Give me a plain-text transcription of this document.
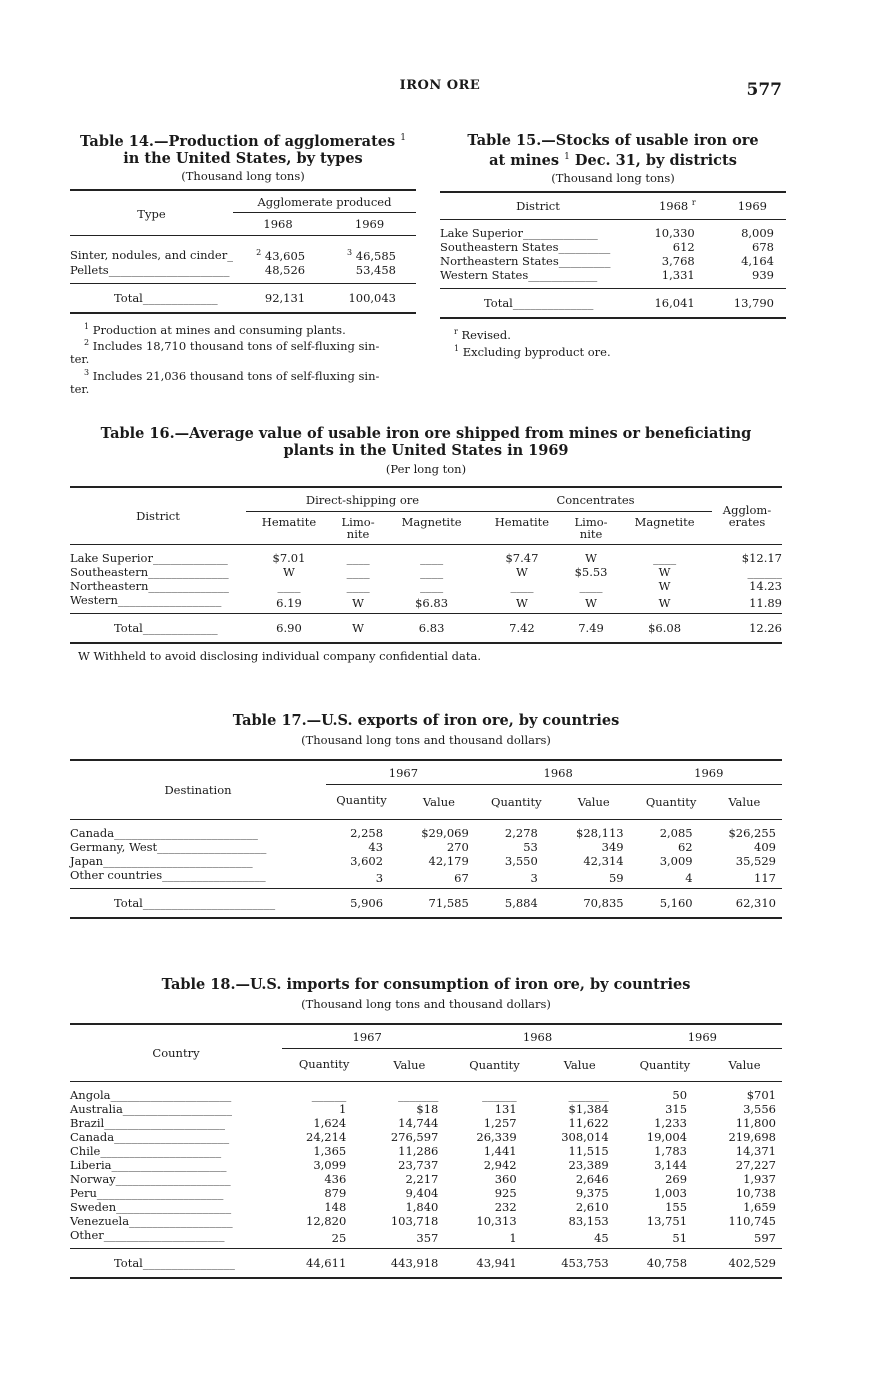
IRON ORE	577
Table 14.—Production of agglomerates $^1$
in the United States, by types
(Thousand long tons)
Type	Agglomerate produced	
	1968	1969

Sinter, nodules, and cinder_	$^2$ 43,605	$^3$ 46,585
Pellets_____________________	48,526	53,458
Total_____________	92,131	100,043
$^1$ Production at mines and consuming plants.
$^2$ Includes 18,710 thousand tons of self-fluxing sin-
ter.
$^3$ Includes 21,036 thousand tons of self-fluxing sin-
ter.
Table 15.—Stocks of usable iron ore
at mines $^1$ Dec. 31, by districts
(Thousand long tons)
District	1968 $^r$	1969

Lake Superior_____________	10,330	8,009
Southeastern States_________	612	678
Northeastern States_________	3,768	4,164
Western States____________	1,331	939
Total______________	16,041	13,790
$^r$ Revised.
$^1$ Excluding byproduct ore.
Table 16.—Average value of usable iron ore shipped from mines or beneficiating
plants in the United States in 1969
(Per long ton)
District	Direct-shipping ore			Concentrates			Agglom-
erates
	Hematite	Limo-
nite	Magnetite	Hematite	Limo-
nite	Magnetite	

Lake Superior_____________	$7.01	____	____	$7.47	W	____	$12.17
Southeastern______________	W	____	____	W	$5.53	W	______
Northeastern______________	____	____	____	____	____	W	14.23
Western__________________	6.19	W	$6.83	W	W	W	11.89
Total_____________	6.90	W	6.83	7.42	7.49	$6.08	12.26
W Withheld to avoid disclosing individual company confidential data.
Table 17.—U.S. exports of iron ore, by countries
(Thousand long tons and thousand dollars)
Destination	1967		1968		1969	
	Quantity	Value	Quantity	Value	Quantity	Value

Canada_________________________	2,258	$29,069	2,278	$28,113	2,085	$26,255
Germany, West___________________	43	270	53	349	62	409
Japan__________________________	3,602	42,179	3,550	42,314	3,009	35,529
Other countries__________________	3	67	3	59	4	117
Total_______________________	5,906	71,585	5,884	70,835	5,160	62,310
Table 18.—U.S. imports for consumption of iron ore, by countries
(Thousand long tons and thousand dollars)
Country	1967		1968		1969	
	Quantity	Value	Quantity	Value	Quantity	Value

Angola_____________________	______	_______	______	_______	50	$701
Australia___________________	1	$18	131	$1,384	315	3,556
Brazil_____________________	1,624	14,744	1,257	11,622	1,233	11,800
Canada____________________	24,214	276,597	26,339	308,014	19,004	219,698
Chile_____________________	1,365	11,286	1,441	11,515	1,783	14,371
Liberia____________________	3,099	23,737	2,942	23,389	3,144	27,227
Norway____________________	436	2,217	360	2,646	269	1,937
Peru______________________	879	9,404	925	9,375	1,003	10,738
Sweden____________________	148	1,840	232	2,610	155	1,659
Venezuela__________________	12,820	103,718	10,313	83,153	13,751	110,745
Other_____________________	25	357	1	45	51	597
Total________________	44,611	443,918	43,941	453,753	40,758	402,529
